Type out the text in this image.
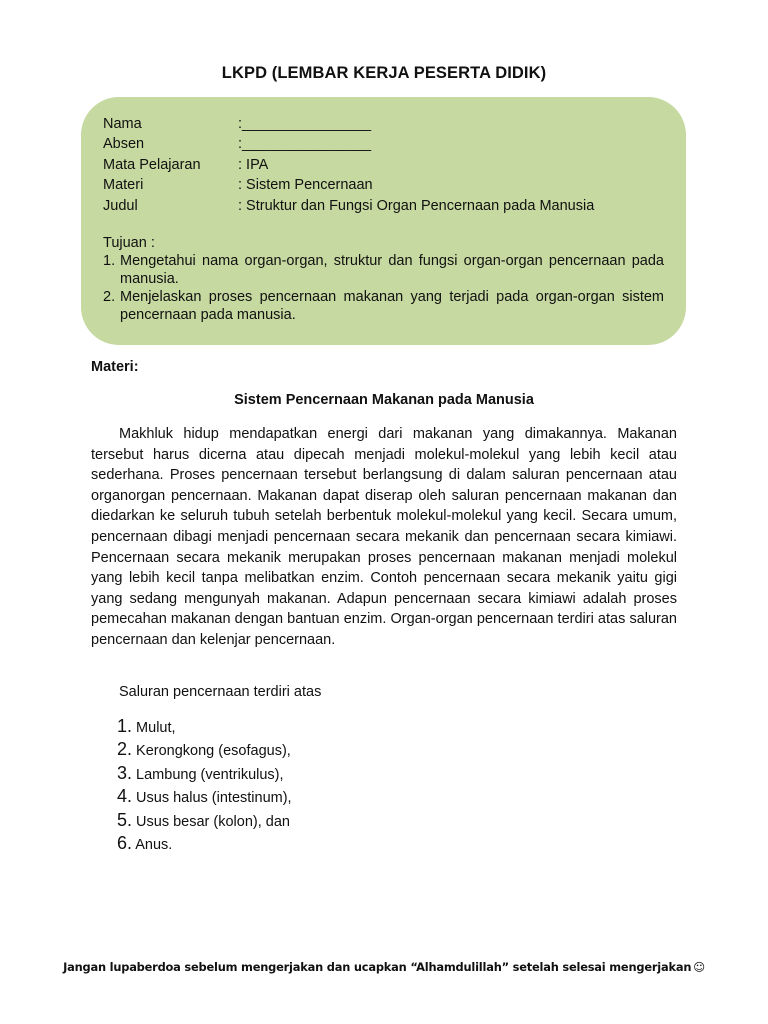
LKPD (LEMBAR KERJA PESERTA DIDIK)
Nama	:________________
Absen	:________________
Mata Pelajaran	: IPA
Materi	: Sistem Pencernaan
Judul	: Struktur dan Fungsi Organ Pencernaan pada Manusia
Tujuan :
1. Mengetahui nama organ-organ, struktur dan fungsi organ-organ pencernaan pada manusia.
2. Menjelaskan proses pencernaan makanan yang terjadi pada organ-organ sistem pencernaan pada manusia.
Materi:
Sistem Pencernaan Makanan pada Manusia

Makhluk hidup mendapatkan energi dari makanan yang dimakannya. Makanan tersebut harus dicerna atau dipecah menjadi molekul-molekul yang lebih kecil atau sederhana. Proses pencernaan tersebut berlangsung di dalam saluran pencernaan atau organorgan pencernaan. Makanan dapat diserap oleh saluran pencernaan makanan dan diedarkan ke seluruh tubuh setelah berbentuk molekul-molekul yang kecil. Secara umum, pencernaan dibagi menjadi pencernaan secara mekanik dan pencernaan secara kimiawi. Pencernaan secara mekanik merupakan proses pencernaan makanan menjadi molekul yang lebih kecil tanpa melibatkan enzim. Contoh pencernaan secara mekanik yaitu gigi yang sedang mengunyah makanan. Adapun pencernaan secara kimiawi adalah proses pemecahan makanan dengan bantuan enzim. Organ-organ pencernaan terdiri atas saluran pencernaan dan kelenjar pencernaan.

Saluran pencernaan terdiri atas
1. Mulut,
2. Kerongkong (esofagus),
3. Lambung (ventrikulus),
4. Usus halus (intestinum),
5. Usus besar (kolon), dan
6. Anus.
Jangan lupaberdoa sebelum mengerjakan dan ucapkan “Alhamdulillah” setelah selesai mengerjakan ☺
